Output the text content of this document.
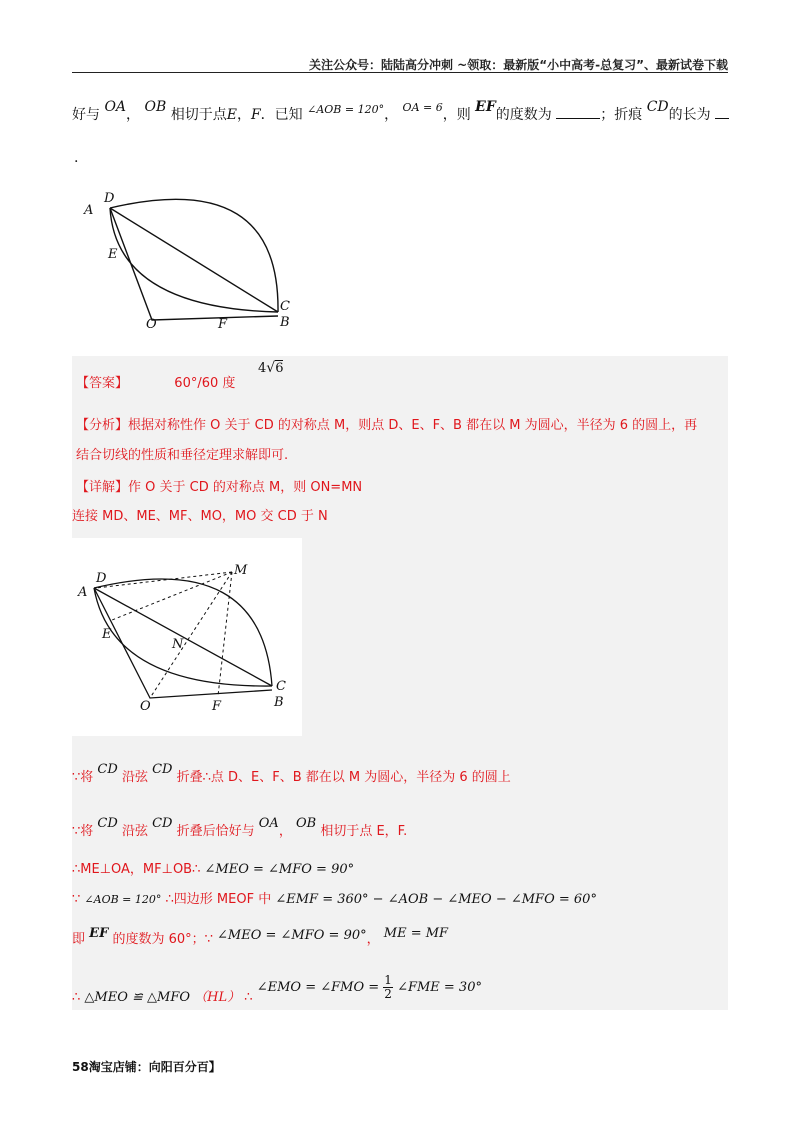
关注公众号：陆陆高分冲刺 ~领取：最新版“小中高考-总复习”、最新试卷下载
好与 OA， OB 相切于点E，F．已知 $^{\angle AOB = 120^\circ}$， $^{OA = 6}$，则 EF的度数为	；折痕 CD的长为
.
D
A
E
O	F
C
B
【答案】	60°/60 度
4√6
【分析】根据对称性作 O 关于 CD 的对称点 M，则点 D、E、F、B 都在以 M 为圆心，半径为 6 的圆上，再
结合切线的性质和垂径定理求解即可.
【详解】作 O 关于 CD 的对称点 M，则 ON=MN
连接 MD、ME、MF、MO，MO 交 CD 于 N
D
A
M
E
N
O	F
C
B
∵将 CD 沿弦 CD 折叠∴点 D、E、F、B 都在以 M 为圆心，半径为 6 的圆上
∵将 CD 沿弦 CD 折叠后恰好与 OA， OB 相切于点 E，F.
∴ME⊥OA，MF⊥OB∴ ∠MEO = ∠MFO = 90°
∵ ∠AOB = 120° ∴四边形 MEOF 中 ∠EMF = 360° − ∠AOB − ∠MEO − ∠MFO = 60°
即 EF 的度数为 60°；∵ ∠MEO = ∠MFO = 90°， ME = MF
∴ △MEO ≌ △MFO （HL） ∴ ∠EMO = ∠FMO = $\frac{1}{2}$ ∠FME = 30°
58淘宝店铺：向阳百分百】
